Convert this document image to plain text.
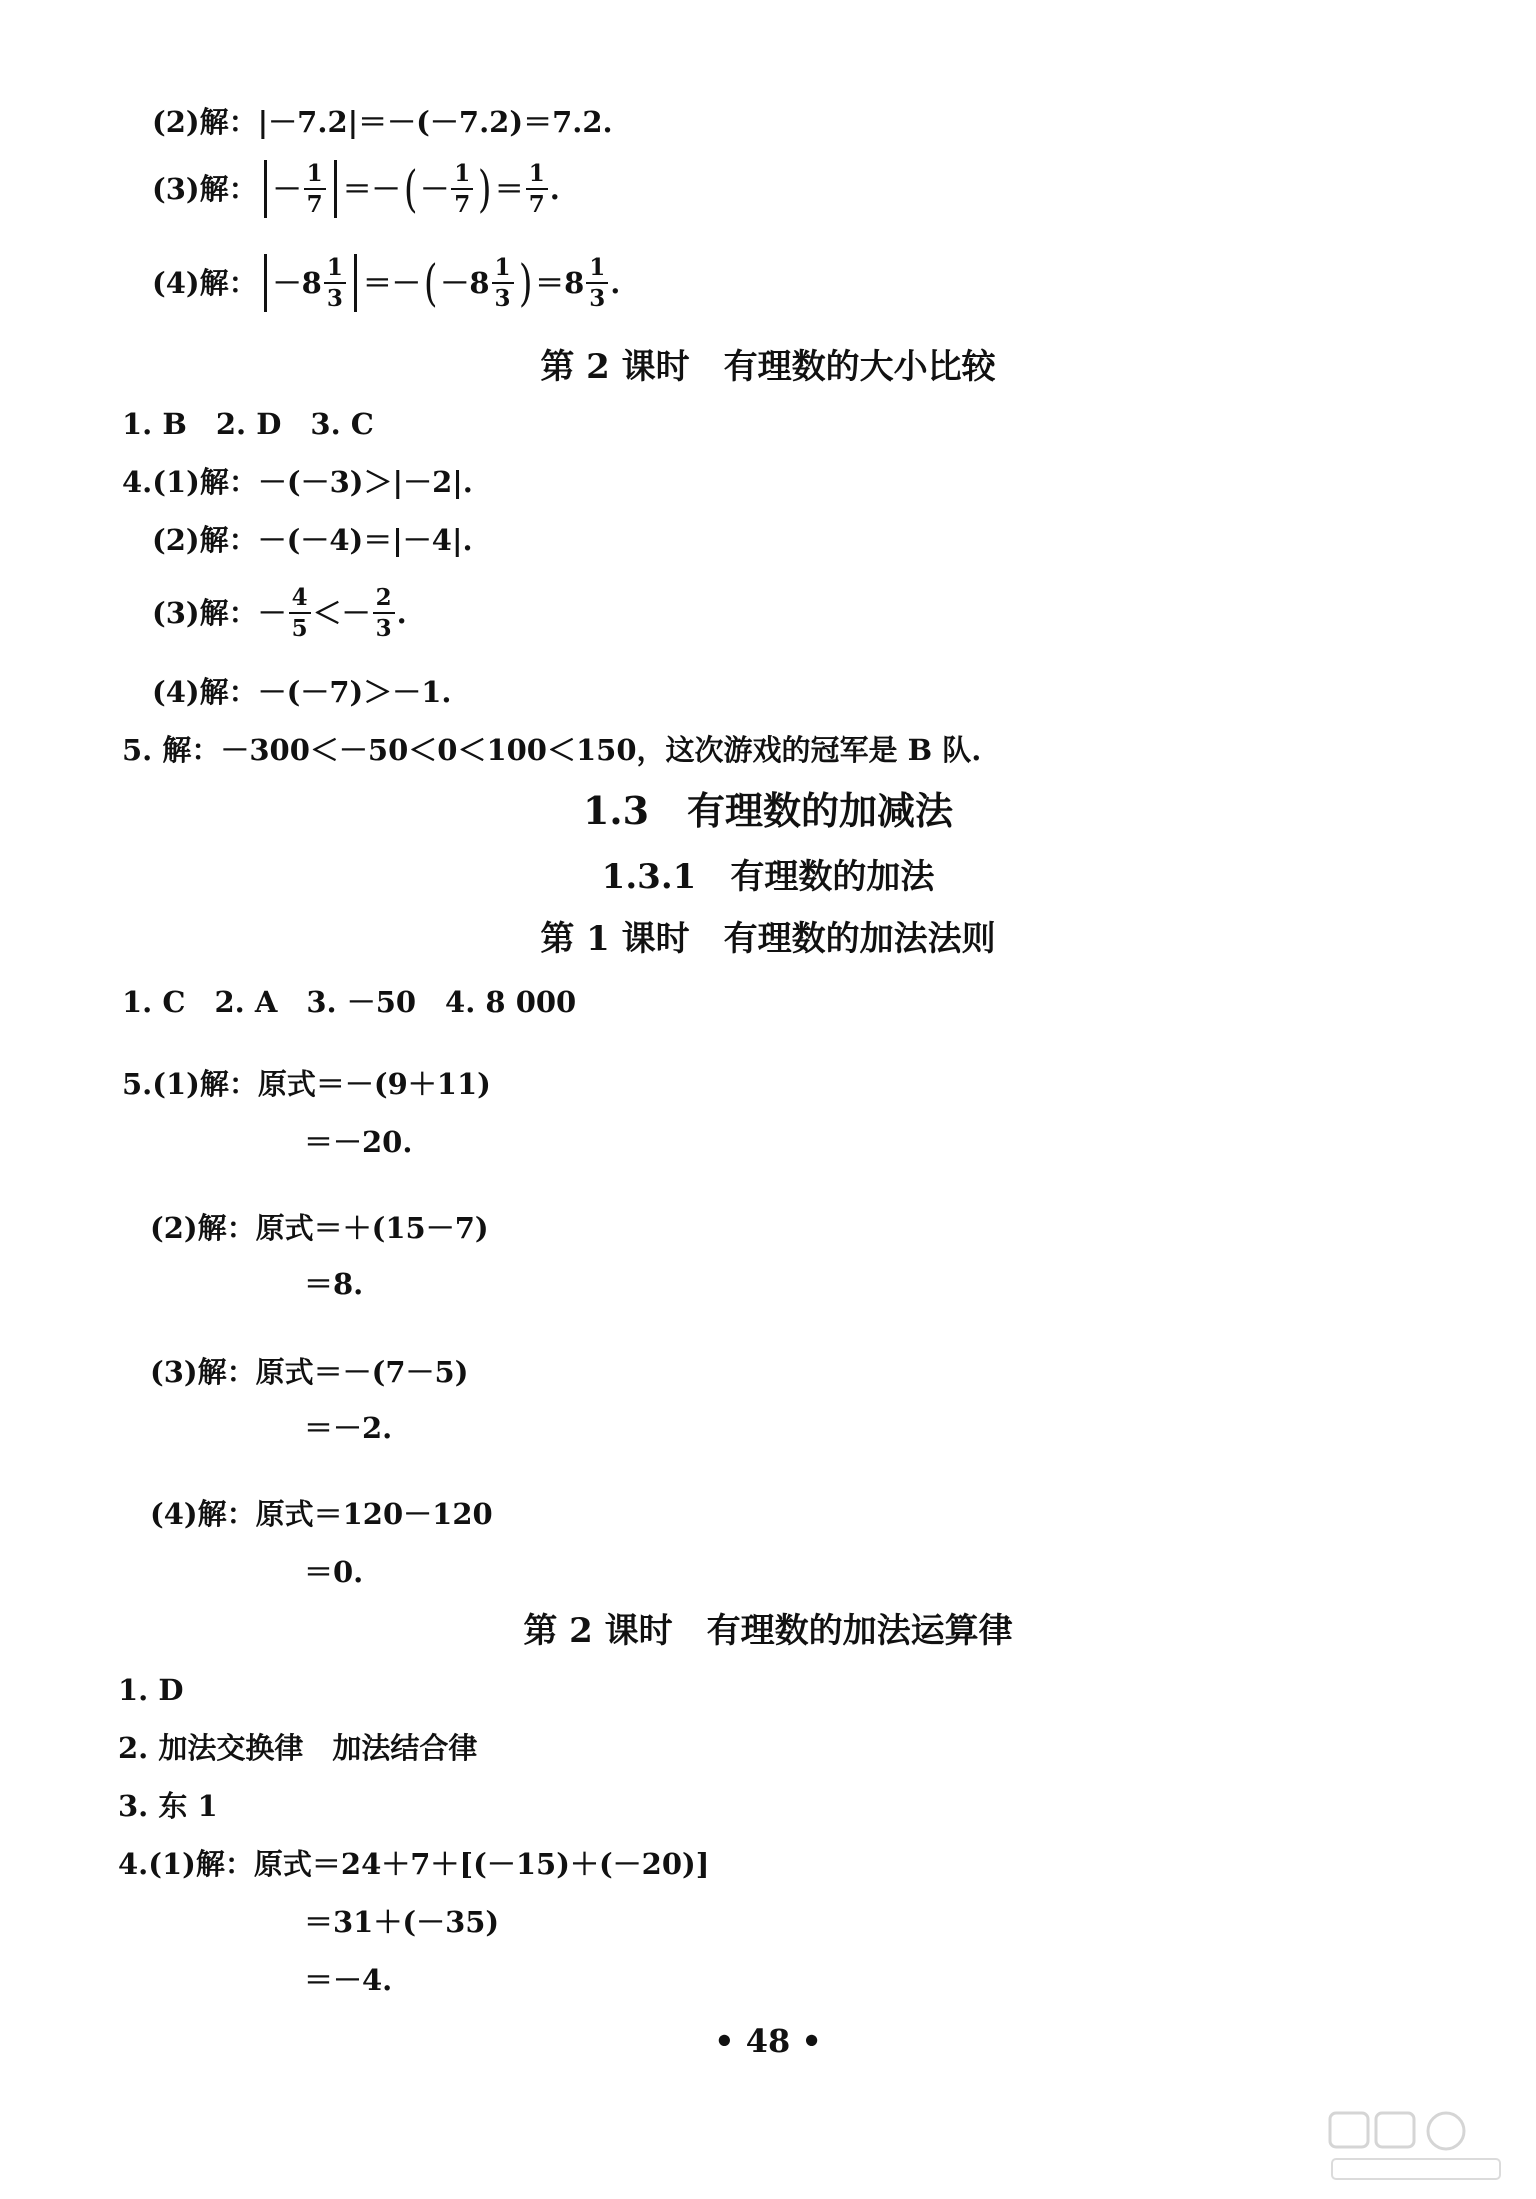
(2)解：|－7.2|＝－(－7.2)＝7.2.
(3)解： － $\frac{1}{7}$ ＝－ ( － $\frac{1}{7}$ ) ＝ $\frac{1}{7}$ .
(4)解： $-8 \frac{1}{3}$ ＝－ ( $-8 \frac{1}{3}$ ) $=8 \frac{1}{3}$ .
第 2 课时　有理数的大小比较
1. B　2. D　3. C
4.(1)解：－(－3)＞|－2|.
(2)解：－(－4)＝|－4|.
(3)解：－ $\frac{4}{5} <- \frac{2}{3}$ .
(4)解：－(－7)＞－1.
5. 解：－300＜－50＜0＜100＜150，这次游戏的冠军是 B 队.
1.3　有理数的加减法
1.3.1　有理数的加法
第 1 课时　有理数的加法法则
1. C　2. A　3. －50　4. 8 000
5.(1)解：原式＝－(9＋11)
＝－20.
(2)解：原式＝＋(15－7)
＝8.
(3)解：原式＝－(7－5)
＝－2.
(4)解：原式＝120－120
＝0.
第 2 课时　有理数的加法运算律
1. D
2. 加法交换律　加法结合律
3. 东 1
4.(1)解：原式＝24＋7＋[(－15)＋(－20)]
＝31＋(－35)
＝－4.
• 48 •
